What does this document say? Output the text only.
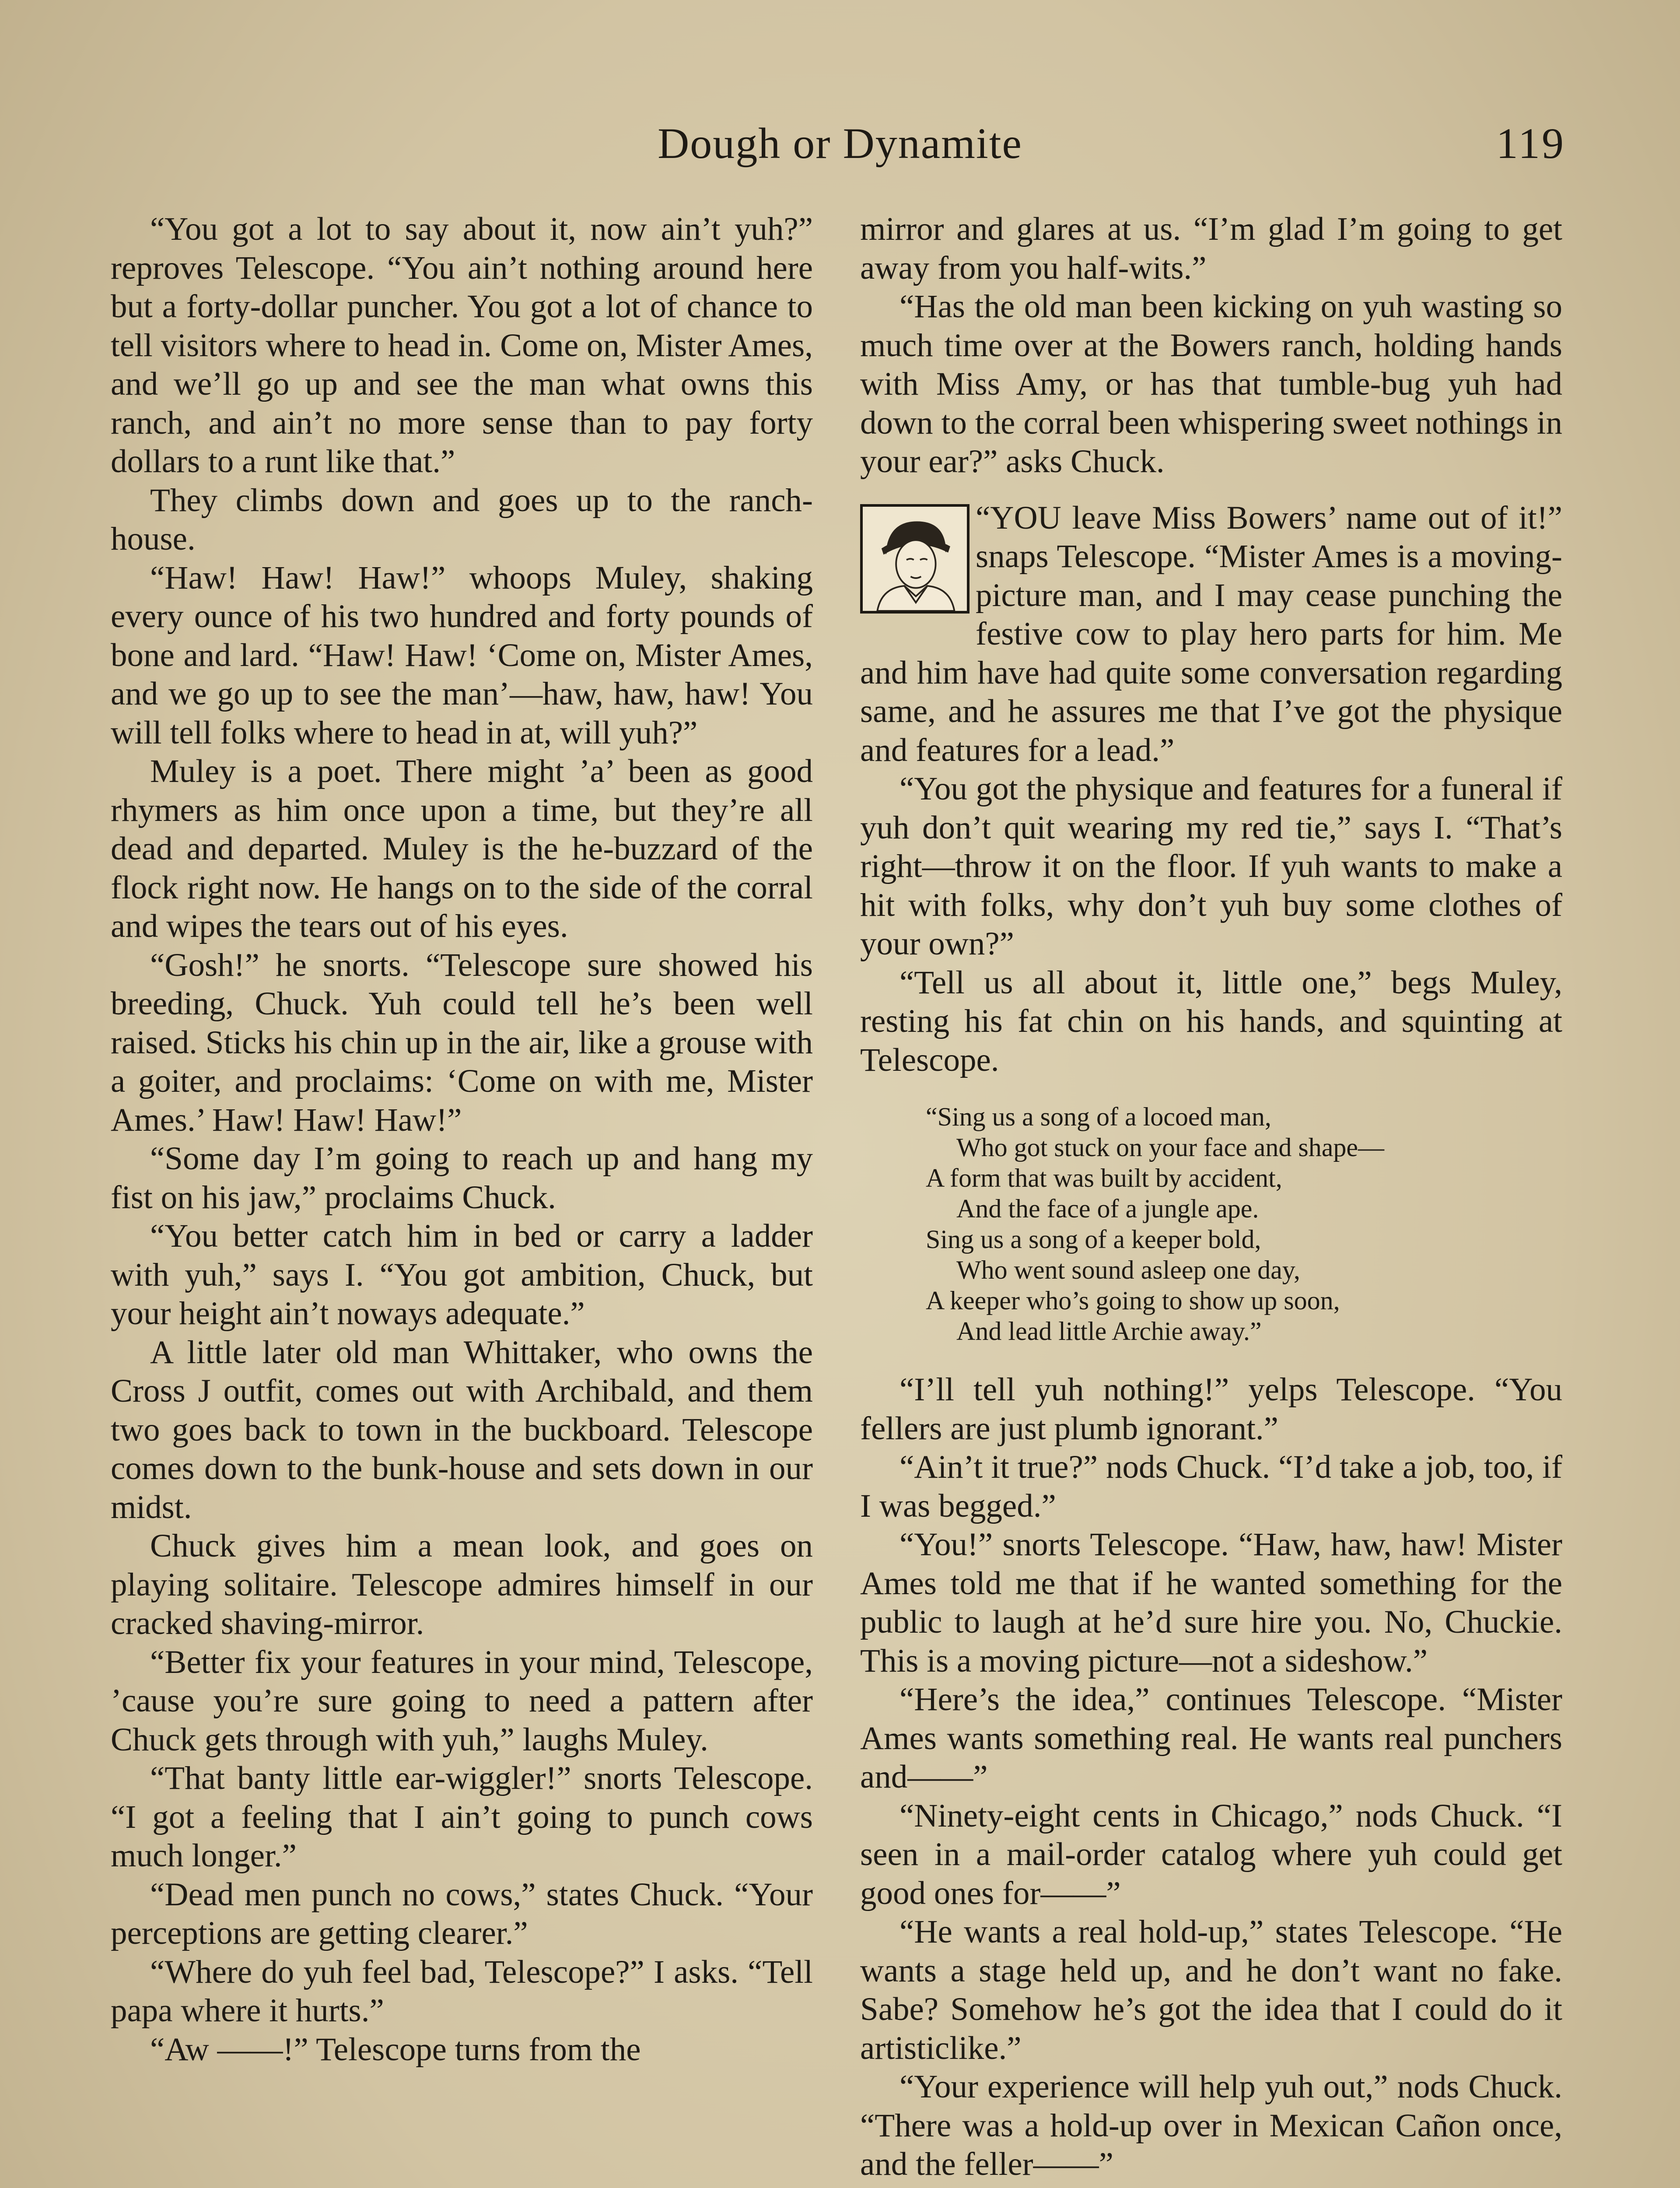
Dough or Dynamite	119

“You got a lot to say about it, now ain’t yuh?” reproves Telescope. “You ain’t nothing around here but a forty-dollar puncher. You got a lot of chance to tell visitors where to head in. Come on, Mister Ames, and we’ll go up and see the man what owns this ranch, and ain’t no more sense than to pay forty dollars to a runt like that.”

They climbs down and goes up to the ranch-house.

“Haw! Haw! Haw!” whoops Muley, shaking every ounce of his two hundred and forty pounds of bone and lard. “Haw! Haw! ‘Come on, Mister Ames, and we go up to see the man’—haw, haw, haw! You will tell folks where to head in at, will yuh?”

Muley is a poet. There might ’a’ been as good rhymers as him once upon a time, but they’re all dead and departed. Muley is the he-buzzard of the flock right now. He hangs on to the side of the corral and wipes the tears out of his eyes.

“Gosh!” he snorts. “Telescope sure showed his breeding, Chuck. Yuh could tell he’s been well raised. Sticks his chin up in the air, like a grouse with a goiter, and proclaims: ‘Come on with me, Mister Ames.’ Haw! Haw! Haw!”

“Some day I’m going to reach up and hang my fist on his jaw,” proclaims Chuck.

“You better catch him in bed or carry a ladder with yuh,” says I. “You got ambition, Chuck, but your height ain’t noways adequate.”

A little later old man Whittaker, who owns the Cross J outfit, comes out with Archibald, and them two goes back to town in the buckboard. Telescope comes down to the bunk-house and sets down in our midst.

Chuck gives him a mean look, and goes on playing solitaire. Telescope admires himself in our cracked shaving-mirror.

“Better fix your features in your mind, Telescope, ’cause you’re sure going to need a pattern after Chuck gets through with yuh,” laughs Muley.

“That banty little ear-wiggler!” snorts Telescope. “I got a feeling that I ain’t going to punch cows much longer.”

“Dead men punch no cows,” states Chuck. “Your perceptions are getting clearer.”

“Where do yuh feel bad, Telescope?” I asks. “Tell papa where it hurts.”

“Aw ——!” Telescope turns from the

mirror and glares at us. “I’m glad I’m going to get away from you half-wits.”

“Has the old man been kicking on yuh wasting so much time over at the Bowers ranch, holding hands with Miss Amy, or has that tumble-bug yuh had down to the corral been whispering sweet nothings in your ear?” asks Chuck.

“YOU leave Miss Bowers’ name out of it!” snaps Telescope. “Mister Ames is a moving-picture man, and I may cease punching the festive cow to play hero parts for him. Me and him have had quite some conversation regarding same, and he assures me that I’ve got the physique and features for a lead.”

“You got the physique and features for a funeral if yuh don’t quit wearing my red tie,” says I. “That’s right—throw it on the floor. If yuh wants to make a hit with folks, why don’t yuh buy some clothes of your own?”

“Tell us all about it, little one,” begs Muley, resting his fat chin on his hands, and squinting at Telescope.

“Sing us a song of a locoed man,
Who got stuck on your face and shape—
A form that was built by accident,
And the face of a jungle ape.
Sing us a song of a keeper bold,
Who went sound asleep one day,
A keeper who’s going to show up soon,
And lead little Archie away.”

“I’ll tell yuh nothing!” yelps Telescope. “You fellers are just plumb ignorant.”

“Ain’t it true?” nods Chuck. “I’d take a job, too, if I was begged.”

“You!” snorts Telescope. “Haw, haw, haw! Mister Ames told me that if he wanted something for the public to laugh at he’d sure hire you. No, Chuckie. This is a moving picture—not a sideshow.”

“Here’s the idea,” continues Telescope. “Mister Ames wants something real. He wants real punchers and——”

“Ninety-eight cents in Chicago,” nods Chuck. “I seen in a mail-order catalog where yuh could get good ones for——”

“He wants a real hold-up,” states Telescope. “He wants a stage held up, and he don’t want no fake. Sabe? Somehow he’s got the idea that I could do it artisticlike.”

“Your experience will help yuh out,” nods Chuck. “There was a hold-up over in Mexican Cañon once, and the feller——”
